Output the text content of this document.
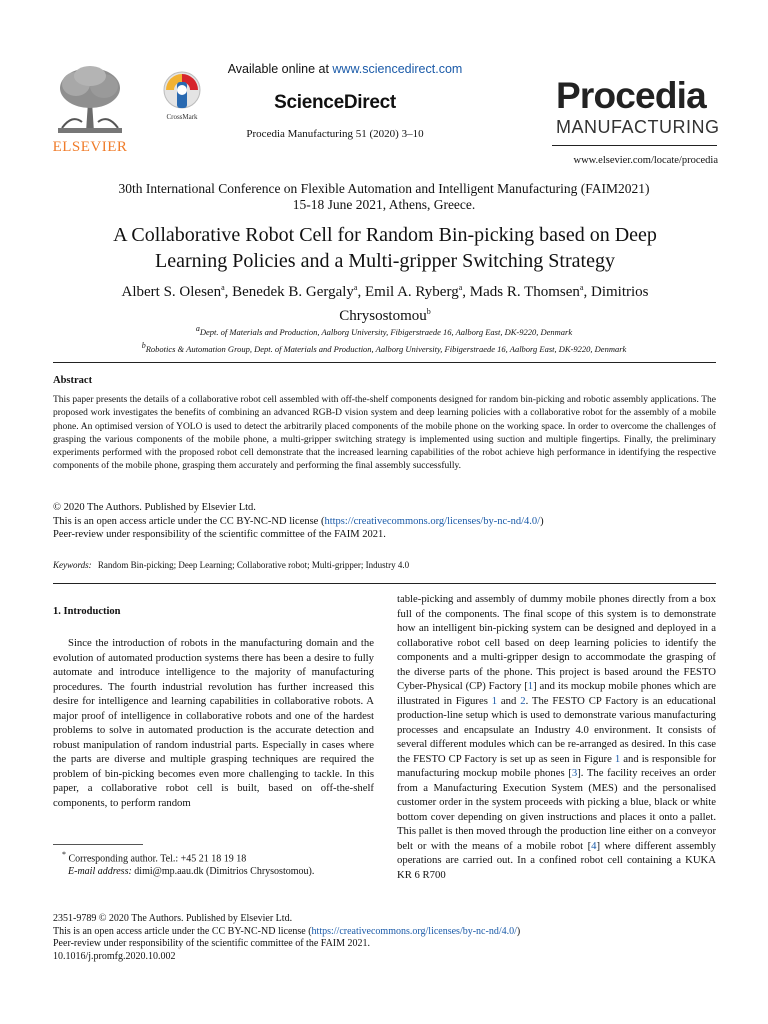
ELSEVIER
CrossMark
Available online at www.sciencedirect.com
ScienceDirect
Procedia Manufacturing 51 (2020) 3–10
Procedia
MANUFACTURING
www.elsevier.com/locate/procedia
30th International Conference on Flexible Automation and Intelligent Manufacturing (FAIM2021)
15-18 June 2021, Athens, Greece.
A Collaborative Robot Cell for Random Bin-picking based on Deep Learning Policies and a Multi-gripper Switching Strategy
Albert S. Olesen$^a$, Benedek B. Gergaly$^a$, Emil A. Ryberg$^a$, Mads R. Thomsen$^a$, Dimitrios Chrysostomou$^b$
$^a$Dept. of Materials and Production, Aalborg University, Fibigerstraede 16, Aalborg East, DK-9220, Denmark
$^b$Robotics & Automation Group, Dept. of Materials and Production, Aalborg University, Fibigerstraede 16, Aalborg East, DK-9220, Denmark
Abstract
This paper presents the details of a collaborative robot cell assembled with off-the-shelf components designed for random bin-picking and robotic assembly applications. The proposed work investigates the benefits of combining an advanced RGB-D vision system and deep learning policies with a collaborative robot for the assembly of a mobile phone. An optimised version of YOLO is used to detect the arbitrarily placed components of the mobile phone on the working space. In order to overcome the challenges of grasping the various components of the mobile phone, a multi-gripper switching strategy is implemented using suction and multiple fingertips. Finally, the preliminary experiments performed with the proposed robot cell demonstrate that the increased learning capabilities of the robot achieve high performance in identifying the respective components of the mobile phone, grasping them accurately and performing the final assembly successfully.
© 2020 The Authors. Published by Elsevier Ltd.
This is an open access article under the CC BY-NC-ND license (https://creativecommons.org/licenses/by-nc-nd/4.0/)
Peer-review under responsibility of the scientific committee of the FAIM 2021.
Keywords: Random Bin-picking; Deep Learning; Collaborative robot; Multi-gripper; Industry 4.0
1. Introduction

Since the introduction of robots in the manufacturing domain and the evolution of automated production systems there has been a desire to fully automate and introduce intelligence to the majority of manufacturing procedures. The fourth industrial revolution has further increased this desire for intelligence and learning capabilities in collaborative robots. A major proof of intelligence in collaborative robots and one of the hardest problems to solve in automated production is the accurate detection and robust manipulation of random industrial parts. Especially in cases where the parts are diverse and multiple grasping techniques are required the problem of bin-picking becomes even more challenging to tackle. In this paper, a collaborative robot cell is built, based on off-the-shelf components, to perform random

* Corresponding author. Tel.: +45 21 18 19 18
E-mail address: dimi@mp.aau.dk (Dimitrios Chrysostomou).
table-picking and assembly of dummy mobile phones directly from a box full of the components. The final scope of this system is to demonstrate how an intelligent bin-picking system can be designed and deployed in a collaborative robot cell based on deep learning policies to identify the components and a multi-gripper design to accommodate the grasping of the diverse parts of the phone. This project is based around the FESTO Cyber-Physical (CP) Factory [1] and its mockup mobile phones which are illustrated in Figures 1 and 2. The FESTO CP Factory is an educational production-line setup which is used to demonstrate various manufacturing processes and encapsulate an Industry 4.0 environment. It consists of several different modules which can be re-arranged as desired. In this case the FESTO CP Factory is set up as seen in Figure 1 and is responsible for manufacturing mockup mobile phones [3]. The facility receives an order from a Manufacturing Execution System (MES) and the personalised customer order in the system proceeds with picking a blue, black or white bottom cover depending on given instructions and places it onto a pallet. This pallet is then moved through the production line either on a conveyor belt or with the means of a mobile robot [4] where different assembly operations are carried out. In a confined robot cell containing a KUKA KR 6 R700
2351-9789 © 2020 The Authors. Published by Elsevier Ltd.
This is an open access article under the CC BY-NC-ND license (https://creativecommons.org/licenses/by-nc-nd/4.0/)
Peer-review under responsibility of the scientific committee of the FAIM 2021.
10.1016/j.promfg.2020.10.002
